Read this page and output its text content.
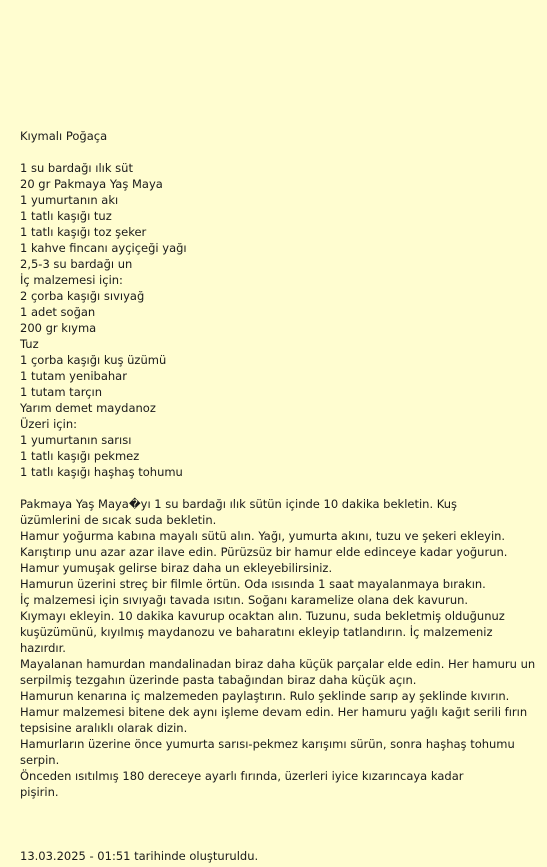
Kıymalı Poğaça
1 su bardağı ılık süt
20 gr Pakmaya Yaş Maya
1 yumurtanın akı
1 tatlı kaşığı tuz
1 tatlı kaşığı toz şeker
1 kahve fincanı ayçiçeği yağı
2,5-3 su bardağı un
İç malzemesi için:
2 çorba kaşığı sıvıyağ
1 adet soğan
200 gr kıyma
Tuz
1 çorba kaşığı kuş üzümü
1 tutam yenibahar
1 tutam tarçın
Yarım demet maydanoz
Üzeri için:
1 yumurtanın sarısı
1 tatlı kaşığı pekmez
1 tatlı kaşığı haşhaş tohumu
Pakmaya Yaş Maya�yı 1 su bardağı ılık sütün içinde 10 dakika bekletin. Kuş
üzümlerini de sıcak suda bekletin.
Hamur yoğurma kabına mayalı sütü alın. Yağı, yumurta akını, tuzu ve şekeri ekleyin.
Karıştırıp unu azar azar ilave edin. Pürüzsüz bir hamur elde edinceye kadar yoğurun.
Hamur yumuşak gelirse biraz daha un ekleyebilirsiniz.
Hamurun üzerini streç bir filmle örtün. Oda ısısında 1 saat mayalanmaya bırakın.
İç malzemesi için sıvıyağı tavada ısıtın. Soğanı karamelize olana dek kavurun.
Kıymayı ekleyin. 10 dakika kavurup ocaktan alın. Tuzunu, suda bekletmiş olduğunuz
kuşüzümünü, kıyılmış maydanozu ve baharatını ekleyip tatlandırın. İç malzemeniz
hazırdır.
Mayalanan hamurdan mandalinadan biraz daha küçük parçalar elde edin. Her hamuru un
serpilmiş tezgahın üzerinde pasta tabağından biraz daha küçük açın.
Hamurun kenarına iç malzemeden paylaştırın. Rulo şeklinde sarıp ay şeklinde kıvırın.
Hamur malzemesi bitene dek aynı işleme devam edin. Her hamuru yağlı kağıt serili fırın
tepsisine aralıklı olarak dizin.
Hamurların üzerine önce yumurta sarısı-pekmez karışımı sürün, sonra haşhaş tohumu
serpin.
Önceden ısıtılmış 180 dereceye ayarlı fırında, üzerleri iyice kızarıncaya kadar
pişirin.
13.03.2025 - 01:51 tarihinde oluşturuldu.
